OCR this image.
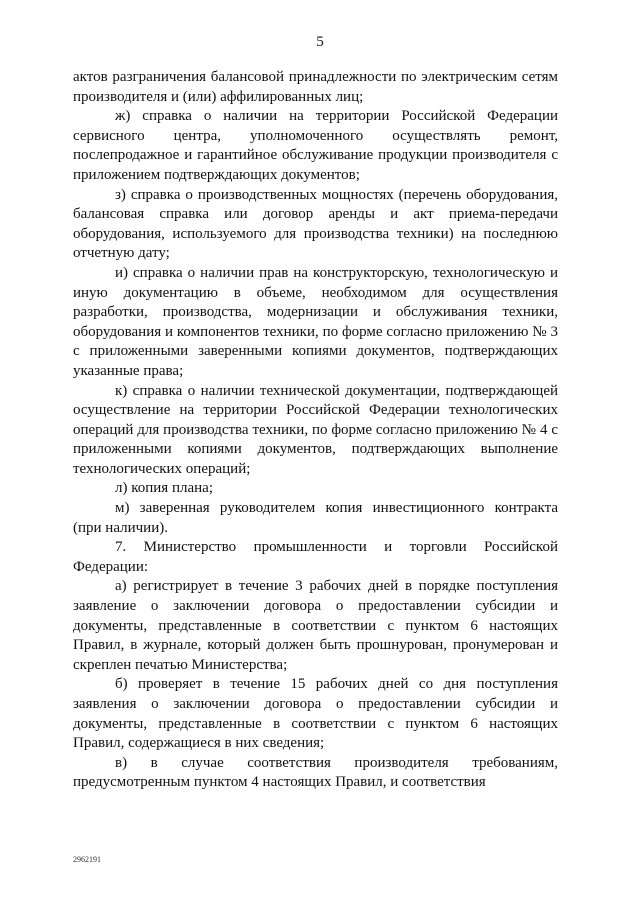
5

актов разграничения балансовой принадлежности по электрическим сетям производителя и (или) аффилированных лиц;

ж) справка о наличии на территории Российской Федерации сервисного центра, уполномоченного осуществлять ремонт, послепродажное и гарантийное обслуживание продукции производителя с приложением подтверждающих документов;

з) справка о производственных мощностях (перечень оборудования, балансовая справка или договор аренды и акт приема-передачи оборудования, используемого для производства техники) на последнюю отчетную дату;

и) справка о наличии прав на конструкторскую, технологическую и иную документацию в объеме, необходимом для осуществления разработки, производства, модернизации и обслуживания техники, оборудования и компонентов техники, по форме согласно приложению № 3 с приложенными заверенными копиями документов, подтверждающих указанные права;

к) справка о наличии технической документации, подтверждающей осуществление на территории Российской Федерации технологических операций для производства техники, по форме согласно приложению № 4 с приложенными копиями документов, подтверждающих выполнение технологических операций;

л) копия плана;

м) заверенная руководителем копия инвестиционного контракта (при наличии).

7. Министерство промышленности и торговли Российской Федерации:

а) регистрирует в течение 3 рабочих дней в порядке поступления заявление о заключении договора о предоставлении субсидии и документы, представленные в соответствии с пунктом 6 настоящих Правил, в журнале, который должен быть прошнурован, пронумерован и скреплен печатью Министерства;

б) проверяет в течение 15 рабочих дней со дня поступления заявления о заключении договора о предоставлении субсидии и документы, представленные в соответствии с пунктом 6 настоящих Правил, содержащиеся в них сведения;

в) в случае соответствия производителя требованиям, предусмотренным пунктом 4 настоящих Правил, и соответствия

2962191
